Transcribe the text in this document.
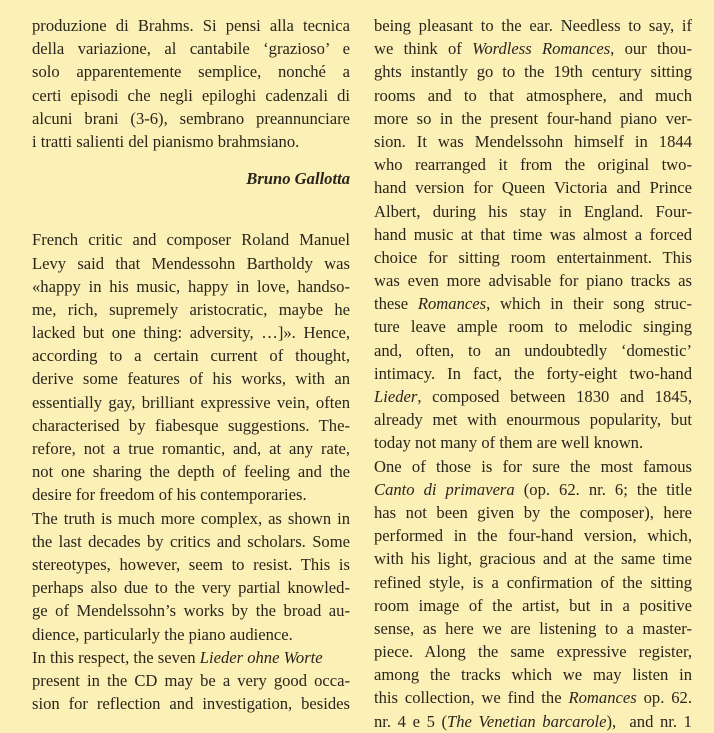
produzione di Brahms. Si pensi alla tecnica
della variazione, al cantabile ‘grazioso’ e
solo apparentemente semplice, nonché a
certi episodi che negli epiloghi cadenzali di
alcuni brani (3-6), sembrano preannunciare
i tratti salienti del pianismo brahmsiano.
Bruno Gallotta
French critic and composer Roland Manuel
Levy said that Mendessohn Bartholdy was
«happy in his music, happy in love, handso-
me, rich, supremely aristocratic, maybe he
lacked but one thing: adversity, …]». Hence,
according to a certain current of thought,
derive some features of his works, with an
essentially gay, brilliant expressive vein, often
characterised by fiabesque suggestions. The-
refore, not a true romantic, and, at any rate,
not one sharing the depth of feeling and the
desire for freedom of his contemporaries.
The truth is much more complex, as shown in
the last decades by critics and scholars. Some
stereotypes, however, seem to resist. This is
perhaps also due to the very partial knowled-
ge of Mendelssohn’s works by the broad au-
dience, particularly the piano audience.
In this respect, the seven Lieder ohne Worte
present in the CD may be a very good occa-
sion for reflection and investigation, besides
being pleasant to the ear. Needless to say, if
we think of Wordless Romances, our thou-
ghts instantly go to the 19th century sitting
rooms and to that atmosphere, and much
more so in the present four-hand piano ver-
sion. It was Mendelssohn himself in 1844
who rearranged it from the original two-
hand version for Queen Victoria and Prince
Albert, during his stay in England. Four-
hand music at that time was almost a forced
choice for sitting room entertainment. This
was even more advisable for piano tracks as
these Romances, which in their song struc-
ture leave ample room to melodic singing
and, often, to an undoubtedly ‘domestic’
intimacy. In fact, the forty-eight two-hand
Lieder, composed between 1830 and 1845,
already met with enourmous popularity, but
today not many of them are well known.
One of those is for sure the most famous
Canto di primavera (op. 62. nr. 6; the title
has not been given by the composer), here
performed in the four-hand version, which,
with his light, gracious and at the same time
refined style, is a confirmation of the sitting
room image of the artist, but in a positive
sense, as here we are listening to a master-
piece. Along the same expressive register,
among the tracks which we may listen in
this collection, we find the Romances op. 62.
nr. 4 e 5 (The Venetian barcarole),  and nr. 1
